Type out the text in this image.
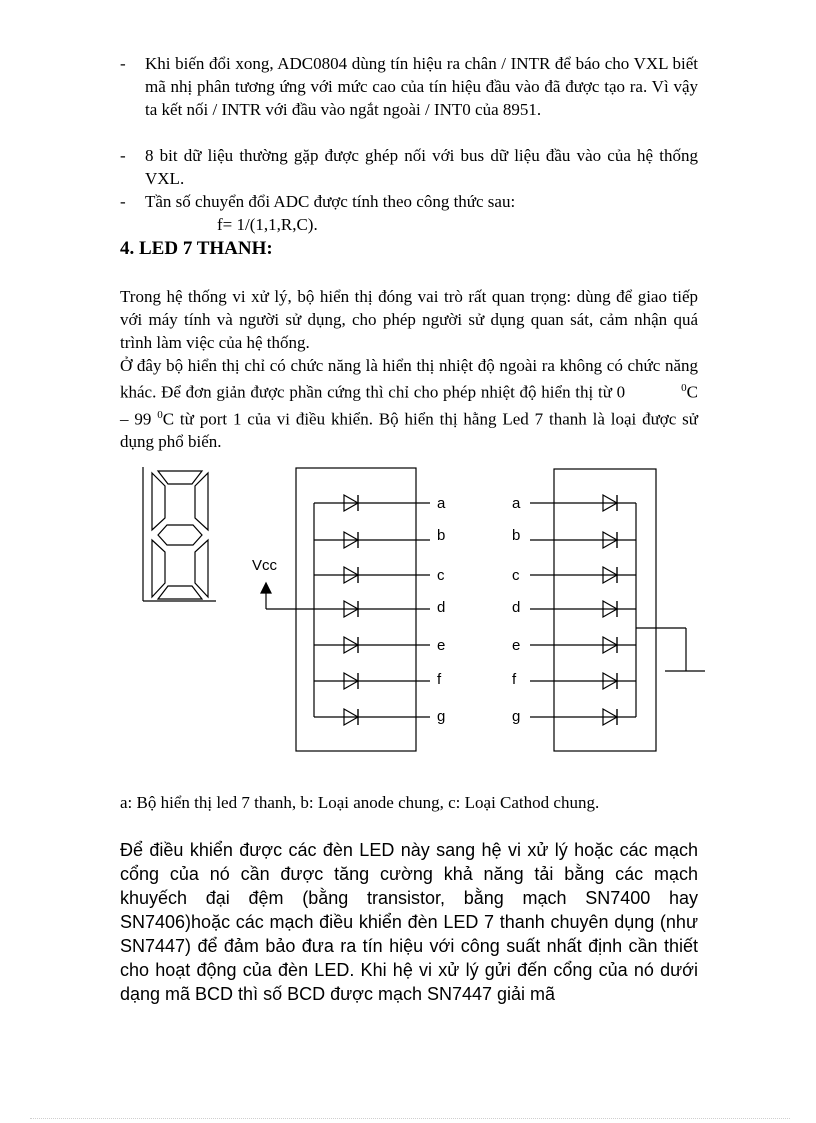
- Khi biến đổi xong, ADC0804 dùng tín hiệu ra chân / INTR để báo cho VXL biết mã nhị phân tương ứng với mức cao của tín hiệu đầu vào đã được tạo ra. Vì vậy ta kết nối / INTR với đầu vào ngắt ngoài / INT0 của 8951.
- 8 bit dữ liệu thường gặp được ghép nối với bus dữ liệu đầu vào của hệ thống VXL.
- Tần số chuyển đổi ADC được tính theo công thức sau:
f= 1/(1,1,R,C).
4. LED 7 THANH:
Trong hệ thống vi xử lý, bộ hiển thị đóng vai trò rất quan trọng: dùng để giao tiếp với máy tính và người sử dụng, cho phép người sử dụng quan sát, cảm nhận quá trình làm việc của hệ thống.
Ở đây bộ hiển thị chỉ có chức năng là hiển thị nhiệt độ ngoài ra không có chức năng khác. Để đơn giản được phần cứng thì chỉ cho phép nhiệt độ hiển thị từ 0	$^0$C – 99 $^0$C từ port 1 của vi điều khiển. Bộ hiển thị hằng Led 7 thanh là loại được sử dụng phổ biến.
Vcc
a
b
c
d
e
f
g
a
b
c
d
e
f
g
a: Bộ hiển thị led 7 thanh, b: Loại anode chung, c: Loại Cathod chung.
Để điều khiển được các đèn LED này sang hệ vi xử lý hoặc các mạch cổng của nó cần được tăng cường khả năng tải bằng các mạch khuyếch đại đệm (bằng transistor, bằng mạch SN7400 hay SN7406)hoặc các mạch điều khiển đèn LED 7 thanh chuyên dụng (như SN7447) để đảm bảo đưa ra tín hiệu với công suất nhất định cần thiết cho hoạt động của đèn LED. Khi hệ vi xử lý gửi đến cổng của nó dưới dạng mã BCD thì số BCD được mạch SN7447 giải mã
